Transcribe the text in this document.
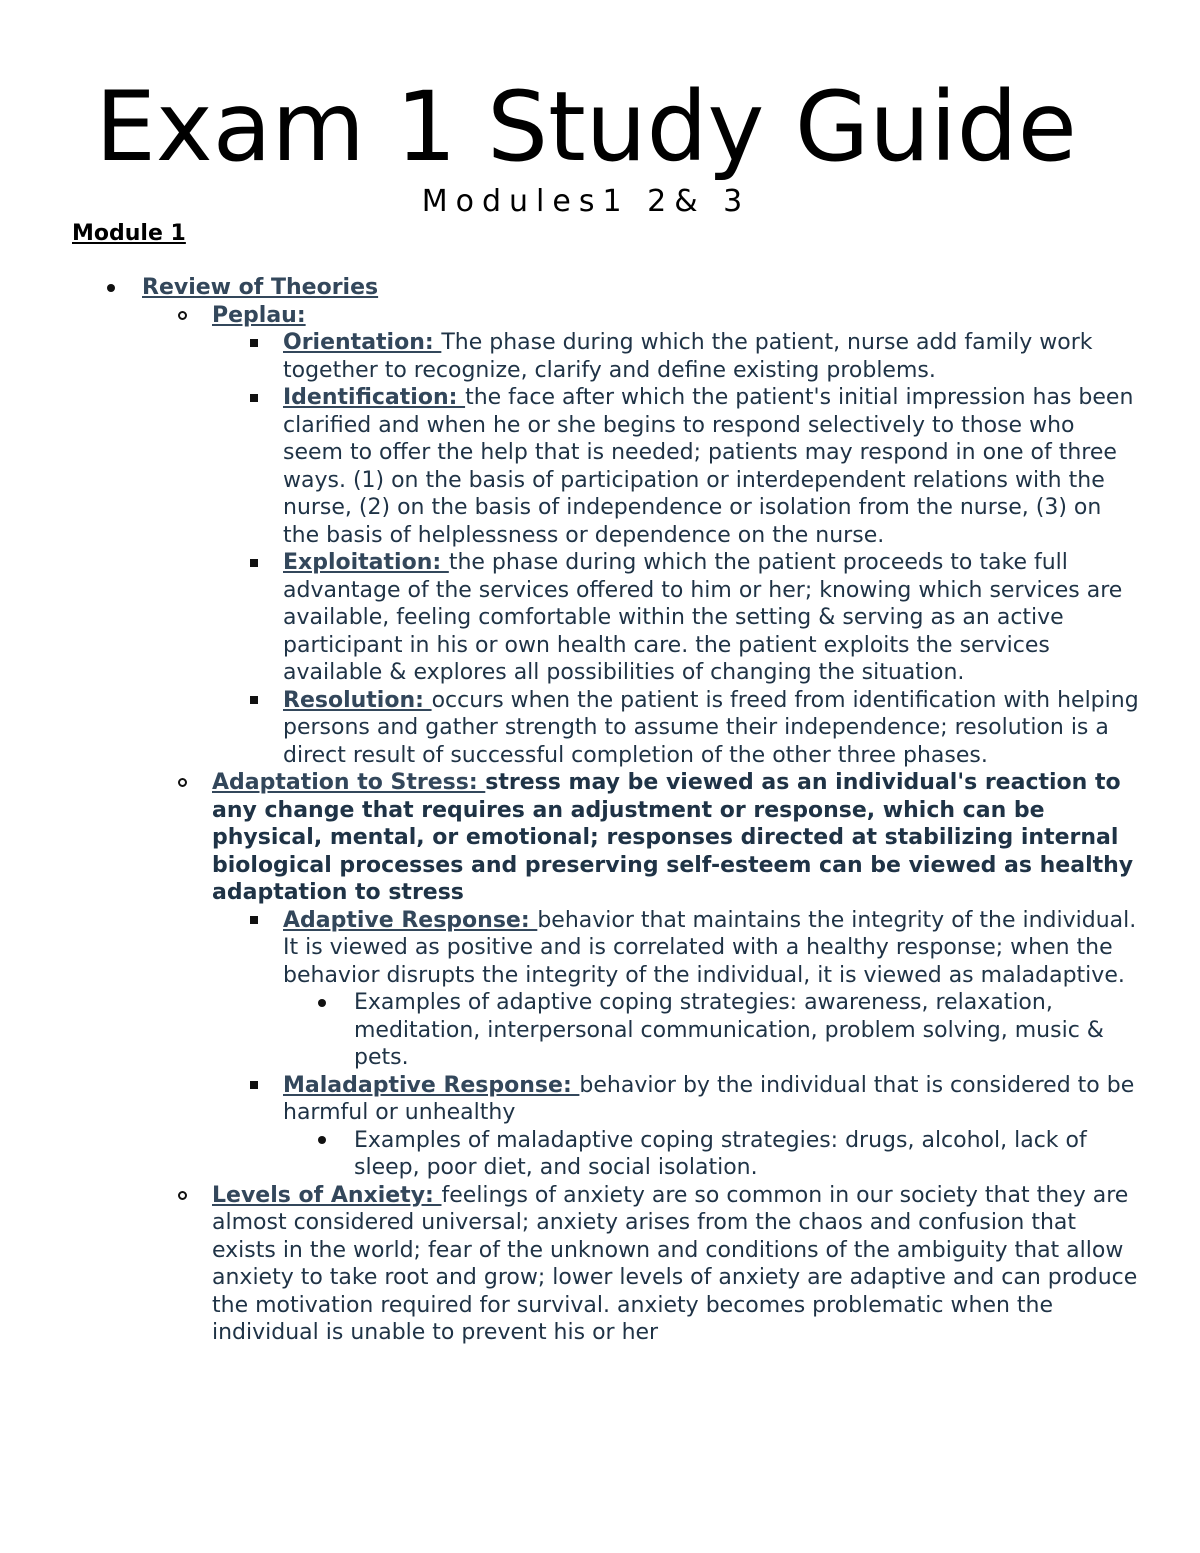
Exam 1 Study Guide
Modules1 2& 3
Module 1
Review of Theories
Peplau:
Orientation: The phase during which the patient, nurse add family work together to recognize, clarify and define existing problems.
Identification: the face after which the patient's initial impression has been clarified and when he or she begins to respond selectively to those who seem to offer the help that is needed; patients may respond in one of three ways. (1) on the basis of participation or interdependent relations with the nurse, (2) on the basis of independence or isolation from the nurse, (3) on the basis of helplessness or dependence on the nurse.
Exploitation: the phase during which the patient proceeds to take full advantage of the services offered to him or her; knowing which services are available, feeling comfortable within the setting & serving as an active participant in his or own health care. the patient exploits the services available & explores all possibilities of changing the situation.
Resolution: occurs when the patient is freed from identification with helping persons and gather strength to assume their independence; resolution is a direct result of successful completion of the other three phases.
Adaptation to Stress: stress may be viewed as an individual's reaction to any change that requires an adjustment or response, which can be physical, mental, or emotional; responses directed at stabilizing internal biological processes and preserving self-esteem can be viewed as healthy adaptation to stress
Adaptive Response: behavior that maintains the integrity of the individual. It is viewed as positive and is correlated with a healthy response; when the behavior disrupts the integrity of the individual, it is viewed as maladaptive.
Examples of adaptive coping strategies: awareness, relaxation, meditation, interpersonal communication, problem solving, music & pets.
Maladaptive Response: behavior by the individual that is considered to be harmful or unhealthy
Examples of maladaptive coping strategies: drugs, alcohol, lack of sleep, poor diet, and social isolation.
Levels of Anxiety: feelings of anxiety are so common in our society that they are almost considered universal; anxiety arises from the chaos and confusion that exists in the world; fear of the unknown and conditions of the ambiguity that allow anxiety to take root and grow; lower levels of anxiety are adaptive and can produce the motivation required for survival. anxiety becomes problematic when the individual is unable to prevent his or her
